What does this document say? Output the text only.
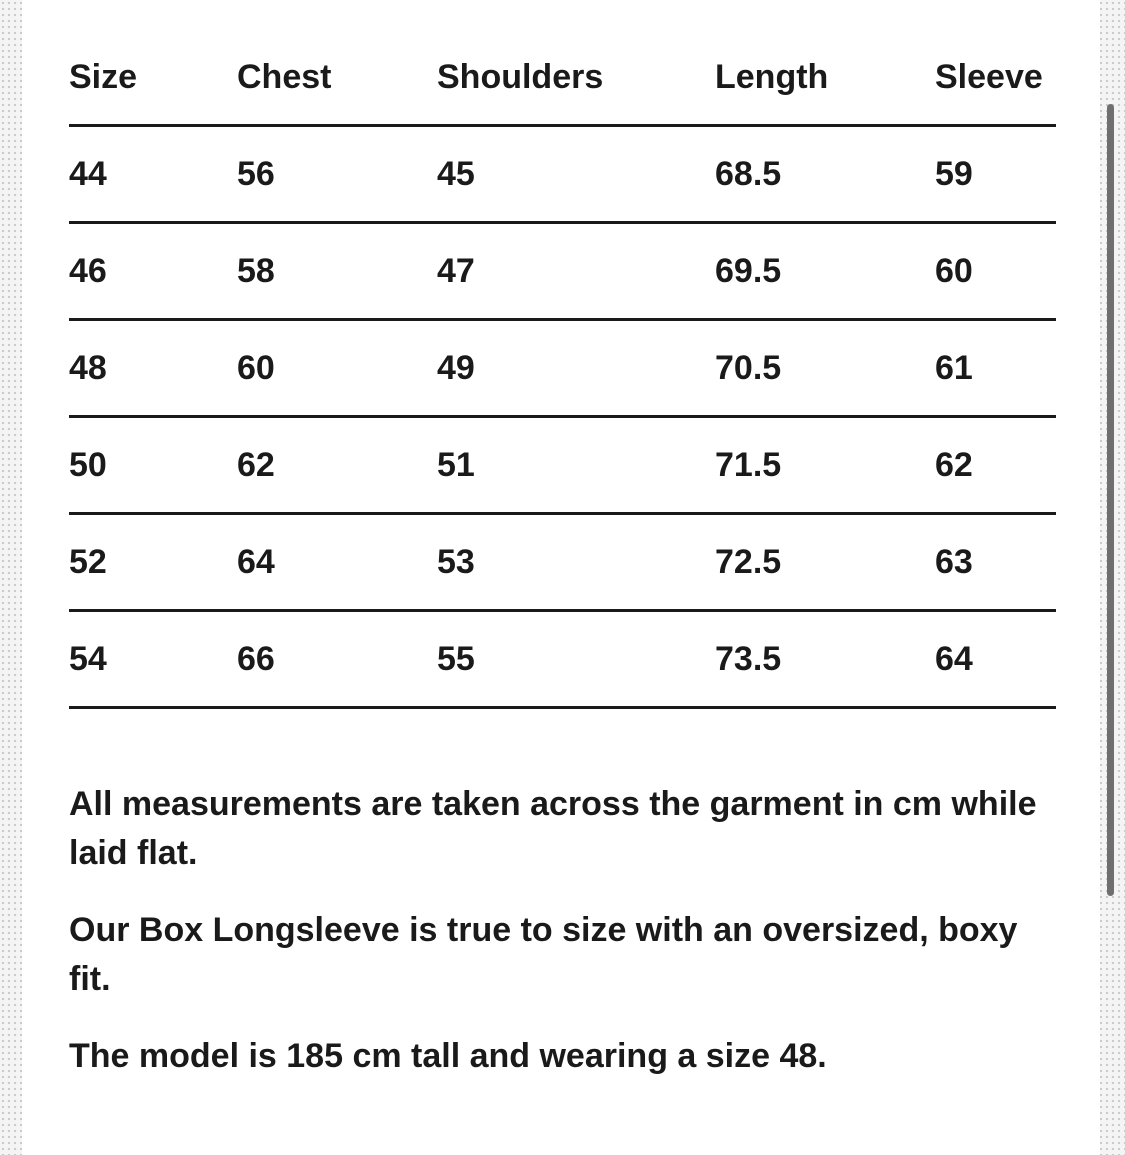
Size	Chest	Shoulders	Length	Sleeve
44	56	45	68.5	59
46	58	47	69.5	60
48	60	49	70.5	61
50	62	51	71.5	62
52	64	53	72.5	63
54	66	55	73.5	64

All measurements are taken across the garment in cm while laid flat.

Our Box Longsleeve is true to size with an oversized, boxy fit.

The model is 185 cm tall and wearing a size 48.
